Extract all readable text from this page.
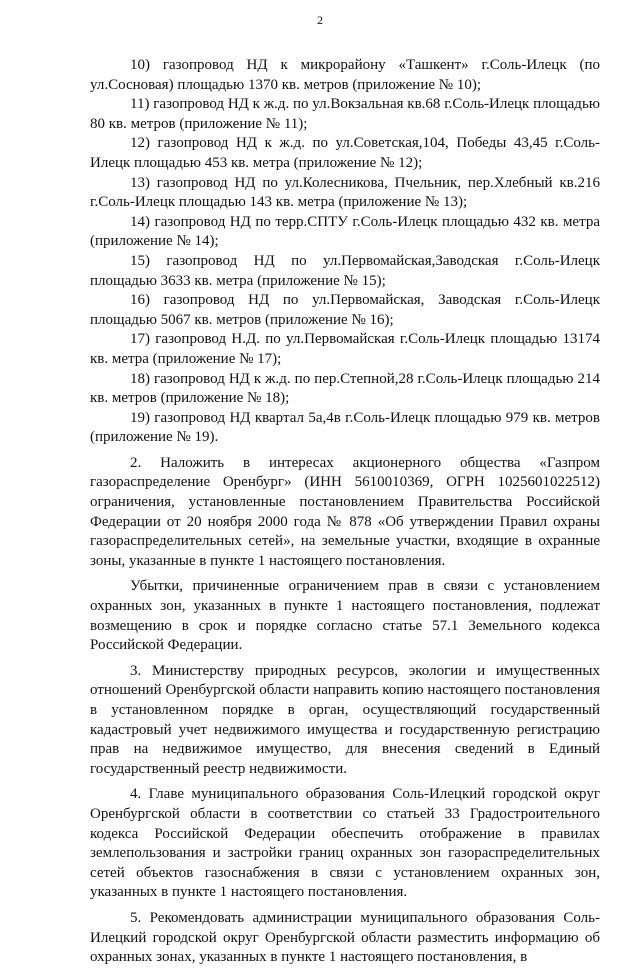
2

10) газопровод НД к микрорайону «Ташкент» г.Соль-Илецк (по ул.Сосновая) площадью 1370 кв. метров (приложение № 10);

11) газопровод НД к ж.д. по ул.Вокзальная кв.68 г.Соль-Илецк площадью 80 кв. метров (приложение № 11);

12) газопровод НД к ж.д. по ул.Советская,104, Победы 43,45 г.Соль-Илецк площадью 453 кв. метра (приложение № 12);

13) газопровод НД по ул.Колесникова, Пчельник, пер.Хлебный кв.216 г.Соль-Илецк площадью 143 кв. метра (приложение № 13);

14) газопровод НД по терр.СПТУ г.Соль-Илецк площадью 432 кв. метра (приложение № 14);

15) газопровод НД по ул.Первомайская,Заводская г.Соль-Илецк площадью 3633 кв. метра (приложение № 15);

16) газопровод НД по ул.Первомайская, Заводская г.Соль-Илецк площадью 5067 кв. метров (приложение № 16);

17) газопровод Н.Д. по ул.Первомайская г.Соль-Илецк площадью 13174 кв. метра (приложение № 17);

18) газопровод НД к ж.д. по пер.Степной,28 г.Соль-Илецк площадью 214 кв. метров (приложение № 18);

19) газопровод НД квартал 5а,4в г.Соль-Илецк площадью 979 кв. метров (приложение № 19).

2. Наложить в интересах акционерного общества «Газпром газораспределение Оренбург» (ИНН 5610010369, ОГРН 1025601022512) ограничения, установленные постановлением Правительства Российской Федерации от 20 ноября 2000 года № 878 «Об утверждении Правил охраны газораспределительных сетей», на земельные участки, входящие в охранные зоны, указанные в пункте 1 настоящего постановления.

Убытки, причиненные ограничением прав в связи с установлением охранных зон, указанных в пункте 1 настоящего постановления, подлежат возмещению в срок и порядке согласно статье 57.1 Земельного кодекса Российской Федерации.

3. Министерству природных ресурсов, экологии и имущественных отношений Оренбургской области направить копию настоящего постановления в установленном порядке в орган, осуществляющий государственный кадастровый учет недвижимого имущества и государственную регистрацию прав на недвижимое имущество, для внесения сведений в Единый государственный реестр недвижимости.

4. Главе муниципального образования Соль-Илецкий городской округ Оренбургской области в соответствии со статьей 33 Градостроительного кодекса Российской Федерации обеспечить отображение в правилах землепользования и застройки границ охранных зон газораспределительных сетей объектов газоснабжения в связи с установлением охранных зон, указанных в пункте 1 настоящего постановления.

5. Рекомендовать администрации муниципального образования Соль-Илецкий городской округ Оренбургской области разместить информацию об охранных зонах, указанных в пункте 1 настоящего постановления, в
